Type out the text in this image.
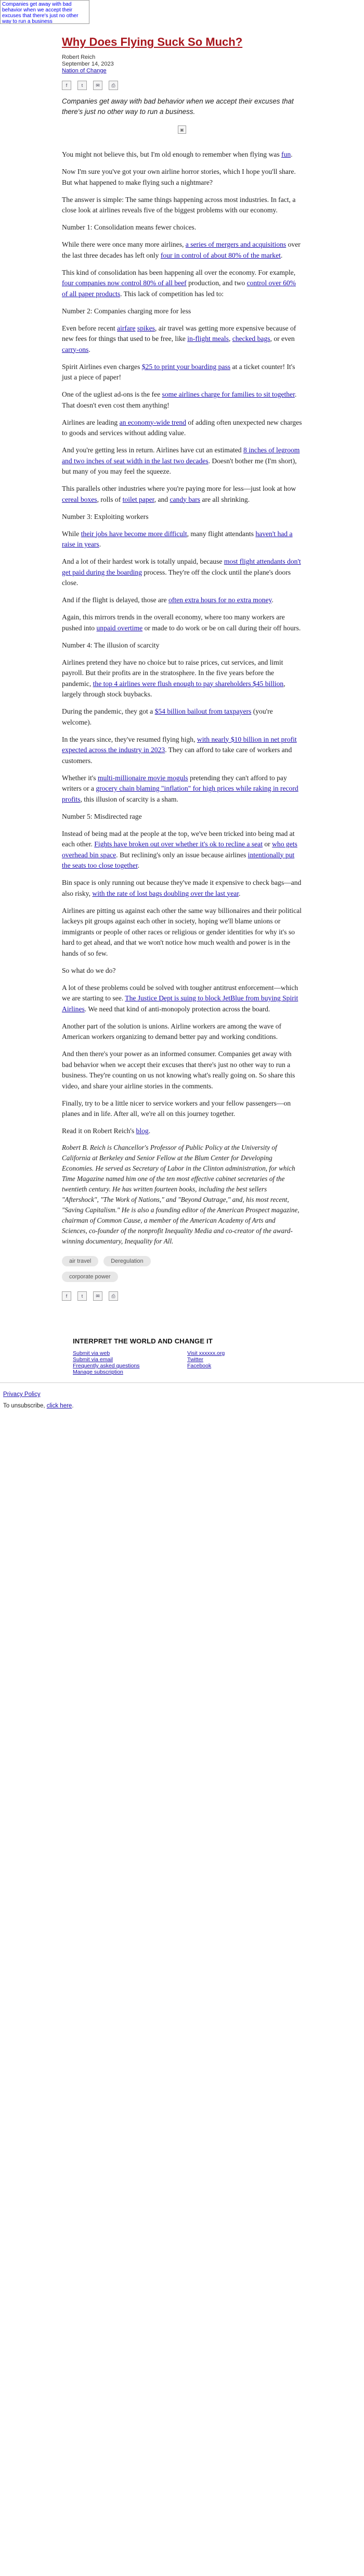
Companies get away with bad behavior when we accept their excuses that there's just no other way to run a business
Why Does Flying Suck So Much?
Robert Reich
September 14, 2023
Nation of Change
f	t	✉	⎙
Companies get away with bad behavior when we accept their excuses that there's just no other way to run a business.
▣

You might not believe this, but I'm old enough to remember when flying was fun.

Now I'm sure you've got your own airline horror stories, which I hope you'll share. But what happened to make flying such a nightmare?

The answer is simple: The same things happening across most industries. In fact, a close look at airlines reveals five of the biggest problems with our economy.

Number 1: Consolidation means fewer choices.

While there were once many more airlines, a series of mergers and acquisitions over the last three decades has left only four in control of about 80% of the market.

This kind of consolidation has been happening all over the economy. For example, four companies now control 80% of all beef production, and two control over 60% of all paper products. This lack of competition has led to:

Number 2: Companies charging more for less

Even before recent airfare spikes, air travel was getting more expensive because of new fees for things that used to be free, like in-flight meals, checked bags, or even carry-ons.

Spirit Airlines even charges $25 to print your boarding pass at a ticket counter! It's just a piece of paper!

One of the ugliest ad-ons is the fee some airlines charge for families to sit together. That doesn't even cost them anything!

Airlines are leading an economy-wide trend of adding often unexpected new charges to goods and services without adding value.

And you're getting less in return. Airlines have cut an estimated 8 inches of legroom and two inches of seat width in the last two decades. Doesn't bother me (I'm short), but many of you may feel the squeeze.

This parallels other industries where you're paying more for less—just look at how cereal boxes, rolls of toilet paper, and candy bars are all shrinking.

Number 3: Exploiting workers

While their jobs have become more difficult, many flight attendants haven't had a raise in years.

And a lot of their hardest work is totally unpaid, because most flight attendants don't get paid during the boarding process. They're off the clock until the plane's doors close.

And if the flight is delayed, those are often extra hours for no extra money.

Again, this mirrors trends in the overall economy, where too many workers are pushed into unpaid overtime or made to do work or be on call during their off hours.

Number 4: The illusion of scarcity

Airlines pretend they have no choice but to raise prices, cut services, and limit payroll. But their profits are in the stratosphere. In the five years before the pandemic, the top 4 airlines were flush enough to pay shareholders $45 billion, largely through stock buybacks.

During the pandemic, they got a $54 billion bailout from taxpayers (you're welcome).

In the years since, they've resumed flying high, with nearly $10 billion in net profit expected across the industry in 2023. They can afford to take care of workers and customers.

Whether it's multi-millionaire movie moguls pretending they can't afford to pay writers or a grocery chain blaming "inflation" for high prices while raking in record profits, this illusion of scarcity is a sham.

Number 5: Misdirected rage

Instead of being mad at the people at the top, we've been tricked into being mad at each other. Fights have broken out over whether it's ok to recline a seat or who gets overhead bin space. But reclining's only an issue because airlines intentionally put the seats too close together.

Bin space is only running out because they've made it expensive to check bags—and also risky, with the rate of lost bags doubling over the last year.

Airlines are pitting us against each other the same way billionaires and their political lackeys pit groups against each other in society, hoping we'll blame unions or immigrants or people of other races or religious or gender identities for why it's so hard to get ahead, and that we won't notice how much wealth and power is in the hands of so few.

So what do we do?

A lot of these problems could be solved with tougher antitrust enforcement—which we are starting to see. The Justice Dept is suing to block JetBlue from buying Spirit Airlines. We need that kind of anti-monopoly protection across the board.

Another part of the solution is unions. Airline workers are among the wave of American workers organizing to demand better pay and working conditions.

And then there's your power as an informed consumer. Companies get away with bad behavior when we accept their excuses that there's just no other way to run a business. They're counting on us not knowing what's really going on. So share this video, and share your airline stories in the comments.

Finally, try to be a little nicer to service workers and your fellow passengers—on planes and in life. After all, we're all on this journey together.

Read it on Robert Reich's blog.

Robert B. Reich is Chancellor's Professor of Public Policy at the University of California at Berkeley and Senior Fellow at the Blum Center for Developing Economies. He served as Secretary of Labor in the Clinton administration, for which Time Magazine named him one of the ten most effective cabinet secretaries of the twentieth century. He has written fourteen books, including the best sellers "Aftershock", "The Work of Nations," and "Beyond Outrage," and, his most recent, "Saving Capitalism." He is also a founding editor of the American Prospect magazine, chairman of Common Cause, a member of the American Academy of Arts and Sciences, co-founder of the nonprofit Inequality Media and co-creator of the award-winning documentary, Inequality for All.

air travel	Deregulation
corporate power
f	t	✉	⎙
INTERPRET THE WORLD AND CHANGE IT
Submit via web
Submit via email
Frequently asked questions
Manage subscription
Visit xxxxxx.org
Twitter
Facebook

Privacy Policy

To unsubscribe, click here.
